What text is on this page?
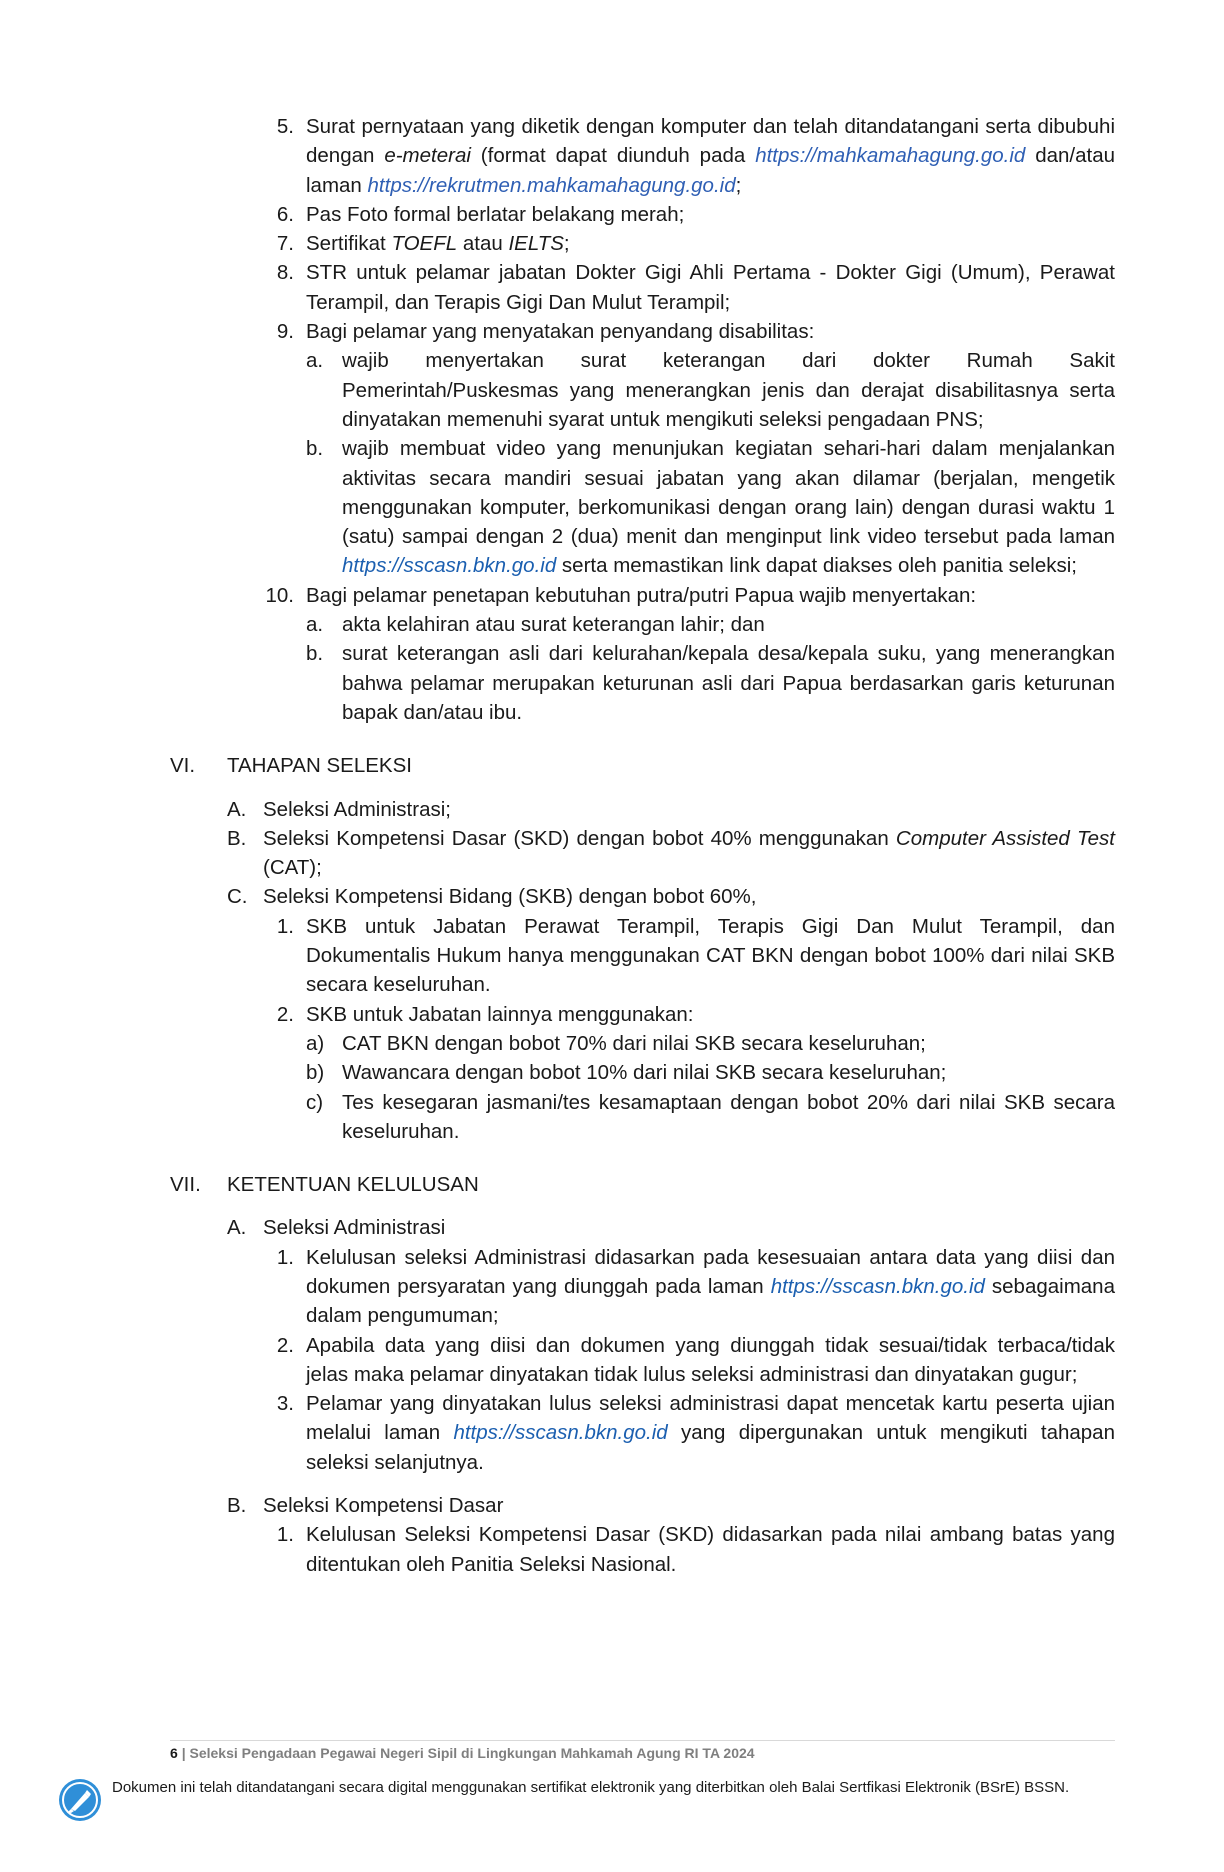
5. Surat pernyataan yang diketik dengan komputer dan telah ditandatangani serta dibubuhi dengan e-meterai (format dapat diunduh pada https://mahkamahagung.go.id dan/atau laman https://rekrutmen.mahkamahagung.go.id;
6. Pas Foto formal berlatar belakang merah;
7. Sertifikat TOEFL atau IELTS;
8. STR untuk pelamar jabatan Dokter Gigi Ahli Pertama - Dokter Gigi (Umum), Perawat Terampil, dan Terapis Gigi Dan Mulut Terampil;
9. Bagi pelamar yang menyatakan penyandang disabilitas:
a. wajib menyertakan surat keterangan dari dokter Rumah Sakit Pemerintah/Puskesmas yang menerangkan jenis dan derajat disabilitasnya serta dinyatakan memenuhi syarat untuk mengikuti seleksi pengadaan PNS;
b. wajib membuat video yang menunjukan kegiatan sehari-hari dalam menjalankan aktivitas secara mandiri sesuai jabatan yang akan dilamar (berjalan, mengetik menggunakan komputer, berkomunikasi dengan orang lain) dengan durasi waktu 1 (satu) sampai dengan 2 (dua) menit dan menginput link video tersebut pada laman https://sscasn.bkn.go.id serta memastikan link dapat diakses oleh panitia seleksi;
10. Bagi pelamar penetapan kebutuhan putra/putri Papua wajib menyertakan:
a. akta kelahiran atau surat keterangan lahir; dan
b. surat keterangan asli dari kelurahan/kepala desa/kepala suku, yang menerangkan bahwa pelamar merupakan keturunan asli dari Papua berdasarkan garis keturunan bapak dan/atau ibu.
VI.	TAHAPAN SELEKSI
A. Seleksi Administrasi;
B. Seleksi Kompetensi Dasar (SKD) dengan bobot 40% menggunakan Computer Assisted Test (CAT);
C. Seleksi Kompetensi Bidang (SKB) dengan bobot 60%,
1. SKB untuk Jabatan Perawat Terampil, Terapis Gigi Dan Mulut Terampil, dan Dokumentalis Hukum hanya menggunakan CAT BKN dengan bobot 100% dari nilai SKB secara keseluruhan.
2. SKB untuk Jabatan lainnya menggunakan:
a) CAT BKN dengan bobot 70% dari nilai SKB secara keseluruhan;
b) Wawancara dengan bobot 10% dari nilai SKB secara keseluruhan;
c) Tes kesegaran jasmani/tes kesamaptaan dengan bobot 20% dari nilai SKB secara keseluruhan.
VII.	KETENTUAN KELULUSAN
A. Seleksi Administrasi
1. Kelulusan seleksi Administrasi didasarkan pada kesesuaian antara data yang diisi dan dokumen persyaratan yang diunggah pada laman https://sscasn.bkn.go.id sebagaimana dalam pengumuman;
2. Apabila data yang diisi dan dokumen yang diunggah tidak sesuai/tidak terbaca/tidak jelas maka pelamar dinyatakan tidak lulus seleksi administrasi dan dinyatakan gugur;
3. Pelamar yang dinyatakan lulus seleksi administrasi dapat mencetak kartu peserta ujian melalui laman https://sscasn.bkn.go.id yang dipergunakan untuk mengikuti tahapan seleksi selanjutnya.
B. Seleksi Kompetensi Dasar
1. Kelulusan Seleksi Kompetensi Dasar (SKD) didasarkan pada nilai ambang batas yang ditentukan oleh Panitia Seleksi Nasional.
6 | Seleksi Pengadaan Pegawai Negeri Sipil di Lingkungan Mahkamah Agung RI TA 2024
Dokumen ini telah ditandatangani secara digital menggunakan sertifikat elektronik yang diterbitkan oleh Balai Sertfikasi Elektronik (BSrE) BSSN.
